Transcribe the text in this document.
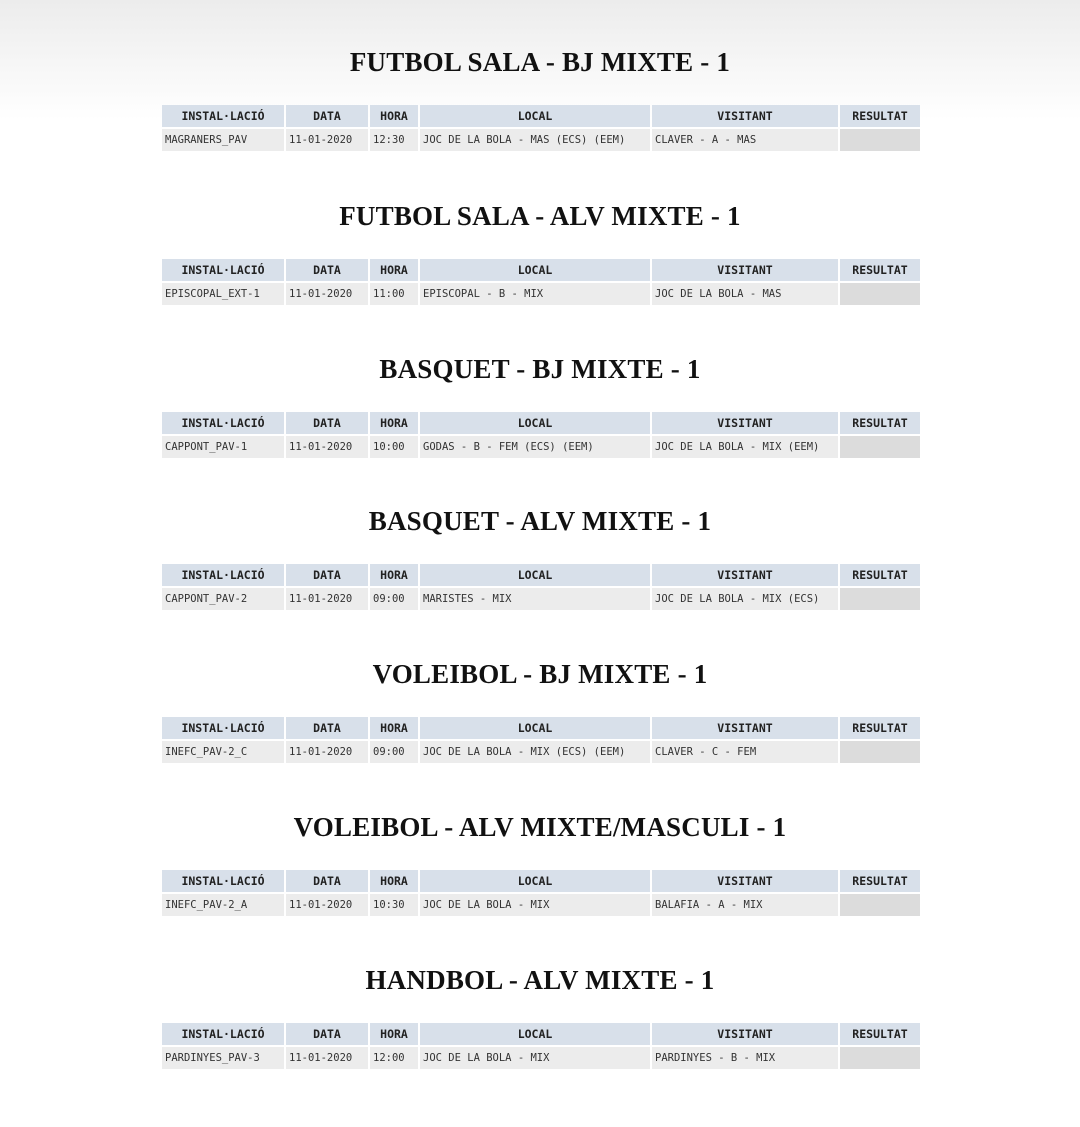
FUTBOL SALA - BJ MIXTE - 1
INSTAL·LACIÓ	DATA	HORA	LOCAL	VISITANT	RESULTAT
MAGRANERS_PAV	11-01-2020	12:30	JOC DE LA BOLA - MAS (ECS) (EEM)	CLAVER - A - MAS	
FUTBOL SALA - ALV MIXTE - 1
INSTAL·LACIÓ	DATA	HORA	LOCAL	VISITANT	RESULTAT
EPISCOPAL_EXT-1	11-01-2020	11:00	EPISCOPAL - B - MIX	JOC DE LA BOLA - MAS	
BASQUET - BJ MIXTE - 1
INSTAL·LACIÓ	DATA	HORA	LOCAL	VISITANT	RESULTAT
CAPPONT_PAV-1	11-01-2020	10:00	GODAS - B - FEM (ECS) (EEM)	JOC DE LA BOLA - MIX (EEM)	
BASQUET - ALV MIXTE - 1
INSTAL·LACIÓ	DATA	HORA	LOCAL	VISITANT	RESULTAT
CAPPONT_PAV-2	11-01-2020	09:00	MARISTES - MIX	JOC DE LA BOLA - MIX (ECS)	
VOLEIBOL - BJ MIXTE - 1
INSTAL·LACIÓ	DATA	HORA	LOCAL	VISITANT	RESULTAT
INEFC_PAV-2_C	11-01-2020	09:00	JOC DE LA BOLA - MIX (ECS) (EEM)	CLAVER - C - FEM	
VOLEIBOL - ALV MIXTE/MASCULI - 1
INSTAL·LACIÓ	DATA	HORA	LOCAL	VISITANT	RESULTAT
INEFC_PAV-2_A	11-01-2020	10:30	JOC DE LA BOLA - MIX	BALAFIA - A - MIX	
HANDBOL - ALV MIXTE - 1
INSTAL·LACIÓ	DATA	HORA	LOCAL	VISITANT	RESULTAT
PARDINYES_PAV-3	11-01-2020	12:00	JOC DE LA BOLA - MIX	PARDINYES - B - MIX	
